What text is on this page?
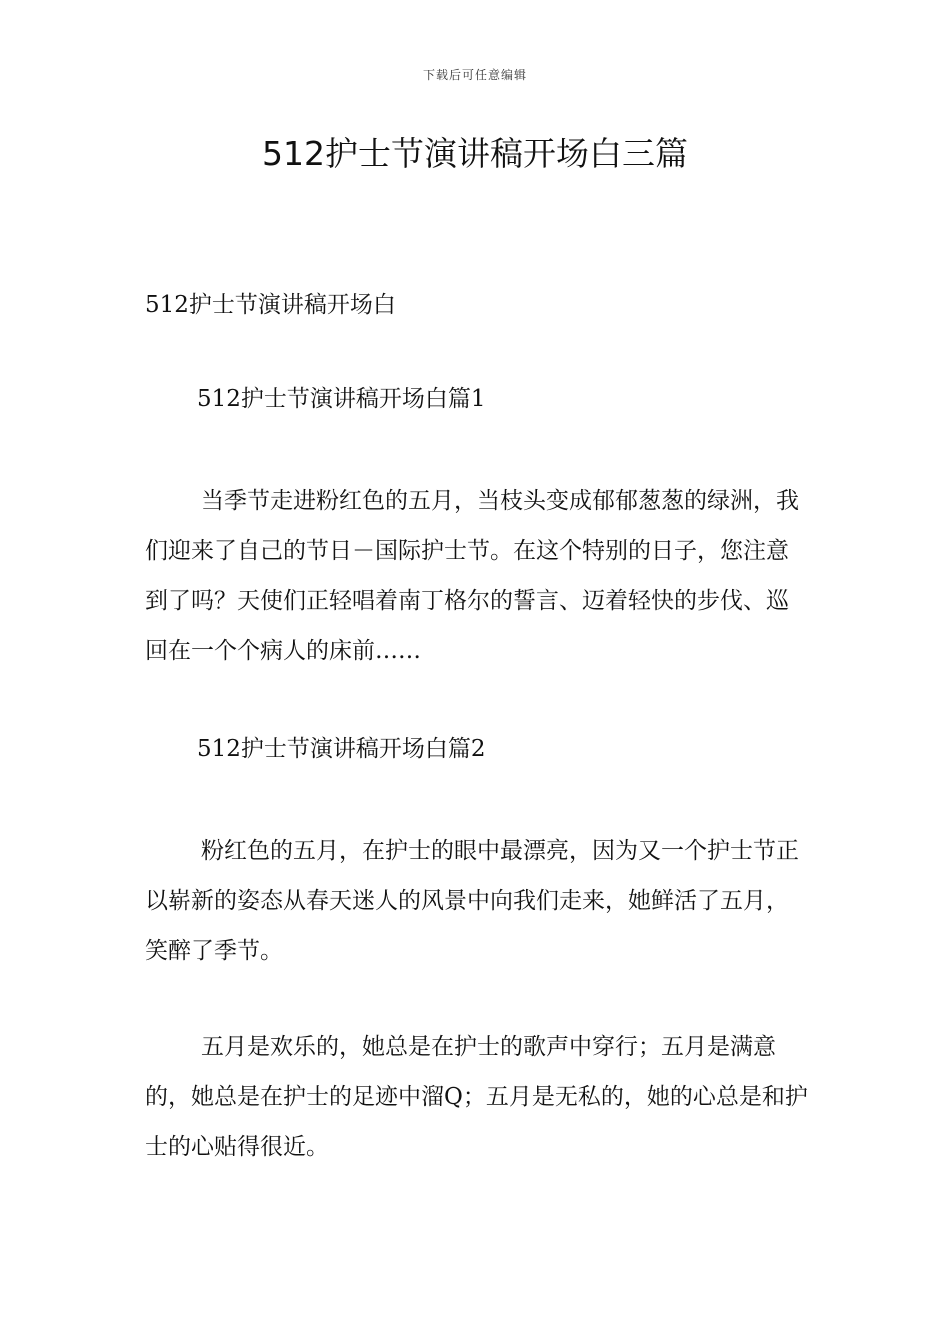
下载后可任意编辑
512护士节演讲稿开场白三篇

512护士节演讲稿开场白

512护士节演讲稿开场白篇1

当季节走进粉红色的五月，当枝头变成郁郁葱葱的绿洲，我们迎来了自己的节日－国际护士节。在这个特别的日子，您注意到了吗？天使们正轻唱着南丁格尔的誓言、迈着轻快的步伐、巡回在一个个病人的床前……

512护士节演讲稿开场白篇2

粉红色的五月，在护士的眼中最漂亮，因为又一个护士节正以崭新的姿态从春天迷人的风景中向我们走来，她鲜活了五月，笑醉了季节。

五月是欢乐的，她总是在护士的歌声中穿行；五月是满意的，她总是在护士的足迹中溜Q；五月是无私的，她的心总是和护士的心贴得很近。
